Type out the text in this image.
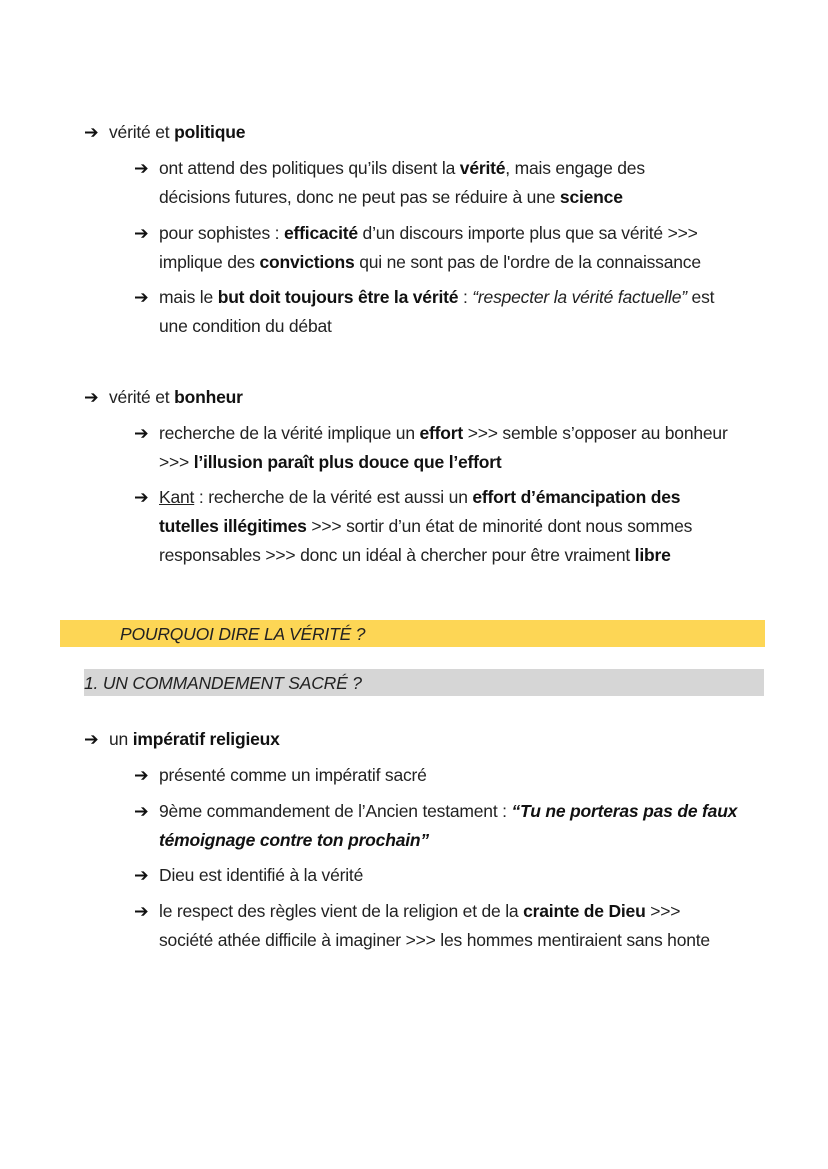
➔ vérité et politique
➔ ont attend des politiques qu’ils disent la vérité, mais engage des
décisions futures, donc ne peut pas se réduire à une science
➔ pour sophistes : efficacité d’un discours importe plus que sa vérité >>>
implique des convictions qui ne sont pas de l'ordre de la connaissance
➔ mais le but doit toujours être la vérité : “respecter la vérité factuelle” est
une condition du débat
➔ vérité et bonheur
➔ recherche de la vérité implique un effort >>> semble s’opposer au bonheur
>>> l’illusion paraît plus douce que l’effort
➔ Kant : recherche de la vérité est aussi un effort d’émancipation des
tutelles illégitimes >>> sortir d’un état de minorité dont nous sommes
responsables >>> donc un idéal à chercher pour être vraiment libre
POURQUOI DIRE LA VÉRITÉ ?
1. UN COMMANDEMENT SACRÉ ?
➔ un impératif religieux
➔ présenté comme un impératif sacré
➔ 9ème commandement de l’Ancien testament : “Tu ne porteras pas de faux
témoignage contre ton prochain”
➔ Dieu est identifié à la vérité
➔ le respect des règles vient de la religion et de la crainte de Dieu >>>
société athée difficile à imaginer >>> les hommes mentiraient sans honte
